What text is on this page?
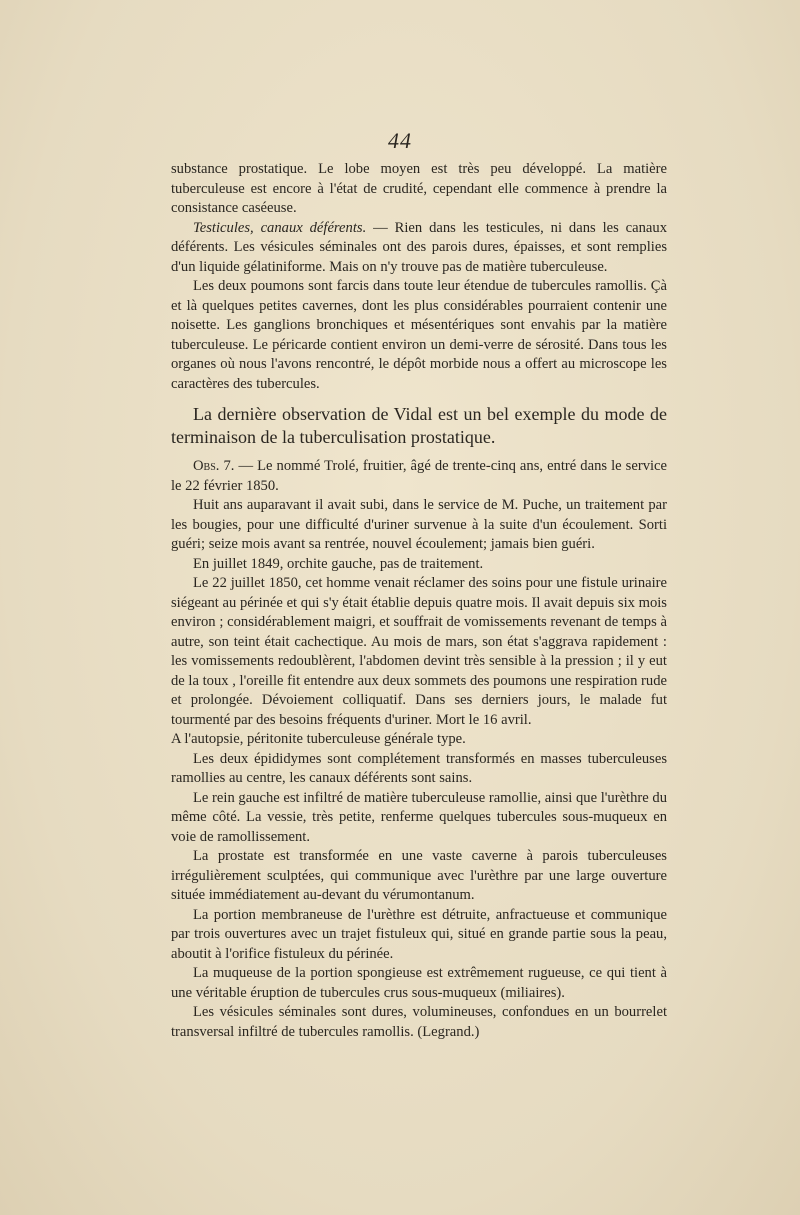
44

substance prostatique. Le lobe moyen est très peu développé. La matière tuberculeuse est encore à l'état de crudité, cependant elle commence à prendre la consistance caséeuse.

Testicules, canaux déférents. — Rien dans les testicules, ni dans les canaux déférents. Les vésicules séminales ont des parois dures, épaisses, et sont remplies d'un liquide gélatiniforme. Mais on n'y trouve pas de matière tuberculeuse.

Les deux poumons sont farcis dans toute leur étendue de tubercules ramollis. Çà et là quelques petites cavernes, dont les plus considérables pourraient contenir une noisette. Les ganglions bronchiques et mésentériques sont envahis par la matière tuberculeuse. Le péricarde contient environ un demi-verre de sérosité. Dans tous les organes où nous l'avons rencontré, le dépôt morbide nous a offert au microscope les caractères des tubercules.

La dernière observation de Vidal est un bel exemple du mode de terminaison de la tuberculisation prostatique.

Obs. 7. — Le nommé Trolé, fruitier, âgé de trente-cinq ans, entré dans le service le 22 février 1850.

Huit ans auparavant il avait subi, dans le service de M. Puche, un traitement par les bougies, pour une difficulté d'uriner survenue à la suite d'un écoulement. Sorti guéri; seize mois avant sa rentrée, nouvel écoulement; jamais bien guéri.

En juillet 1849, orchite gauche, pas de traitement.

Le 22 juillet 1850, cet homme venait réclamer des soins pour une fistule urinaire siégeant au périnée et qui s'y était établie depuis quatre mois. Il avait depuis six mois environ ; considérablement maigri, et souffrait de vomissements revenant de temps à autre, son teint était cachectique. Au mois de mars, son état s'aggrava rapidement : les vomissements redoublèrent, l'abdomen devint très sensible à la pression ; il y eut de la toux , l'oreille fit entendre aux deux sommets des poumons une respiration rude et prolongée. Dévoiement colliquatif. Dans ses derniers jours, le malade fut tourmenté par des besoins fréquents d'uriner. Mort le 16 avril.

A l'autopsie, péritonite tuberculeuse générale type.

Les deux épididymes sont complétement transformés en masses tuberculeuses ramollies au centre, les canaux déférents sont sains.

Le rein gauche est infiltré de matière tuberculeuse ramollie, ainsi que l'urèthre du même côté. La vessie, très petite, renferme quelques tubercules sous-muqueux en voie de ramollissement.

La prostate est transformée en une vaste caverne à parois tuberculeuses irrégulièrement sculptées, qui communique avec l'urèthre par une large ouverture située immédiatement au-devant du vérumontanum.

La portion membraneuse de l'urèthre est détruite, anfractueuse et communique par trois ouvertures avec un trajet fistuleux qui, situé en grande partie sous la peau, aboutit à l'orifice fistuleux du périnée.

La muqueuse de la portion spongieuse est extrêmement rugueuse, ce qui tient à une véritable éruption de tubercules crus sous-muqueux (miliaires).

Les vésicules séminales sont dures, volumineuses, confondues en un bourrelet transversal infiltré de tubercules ramollis. (Legrand.)
